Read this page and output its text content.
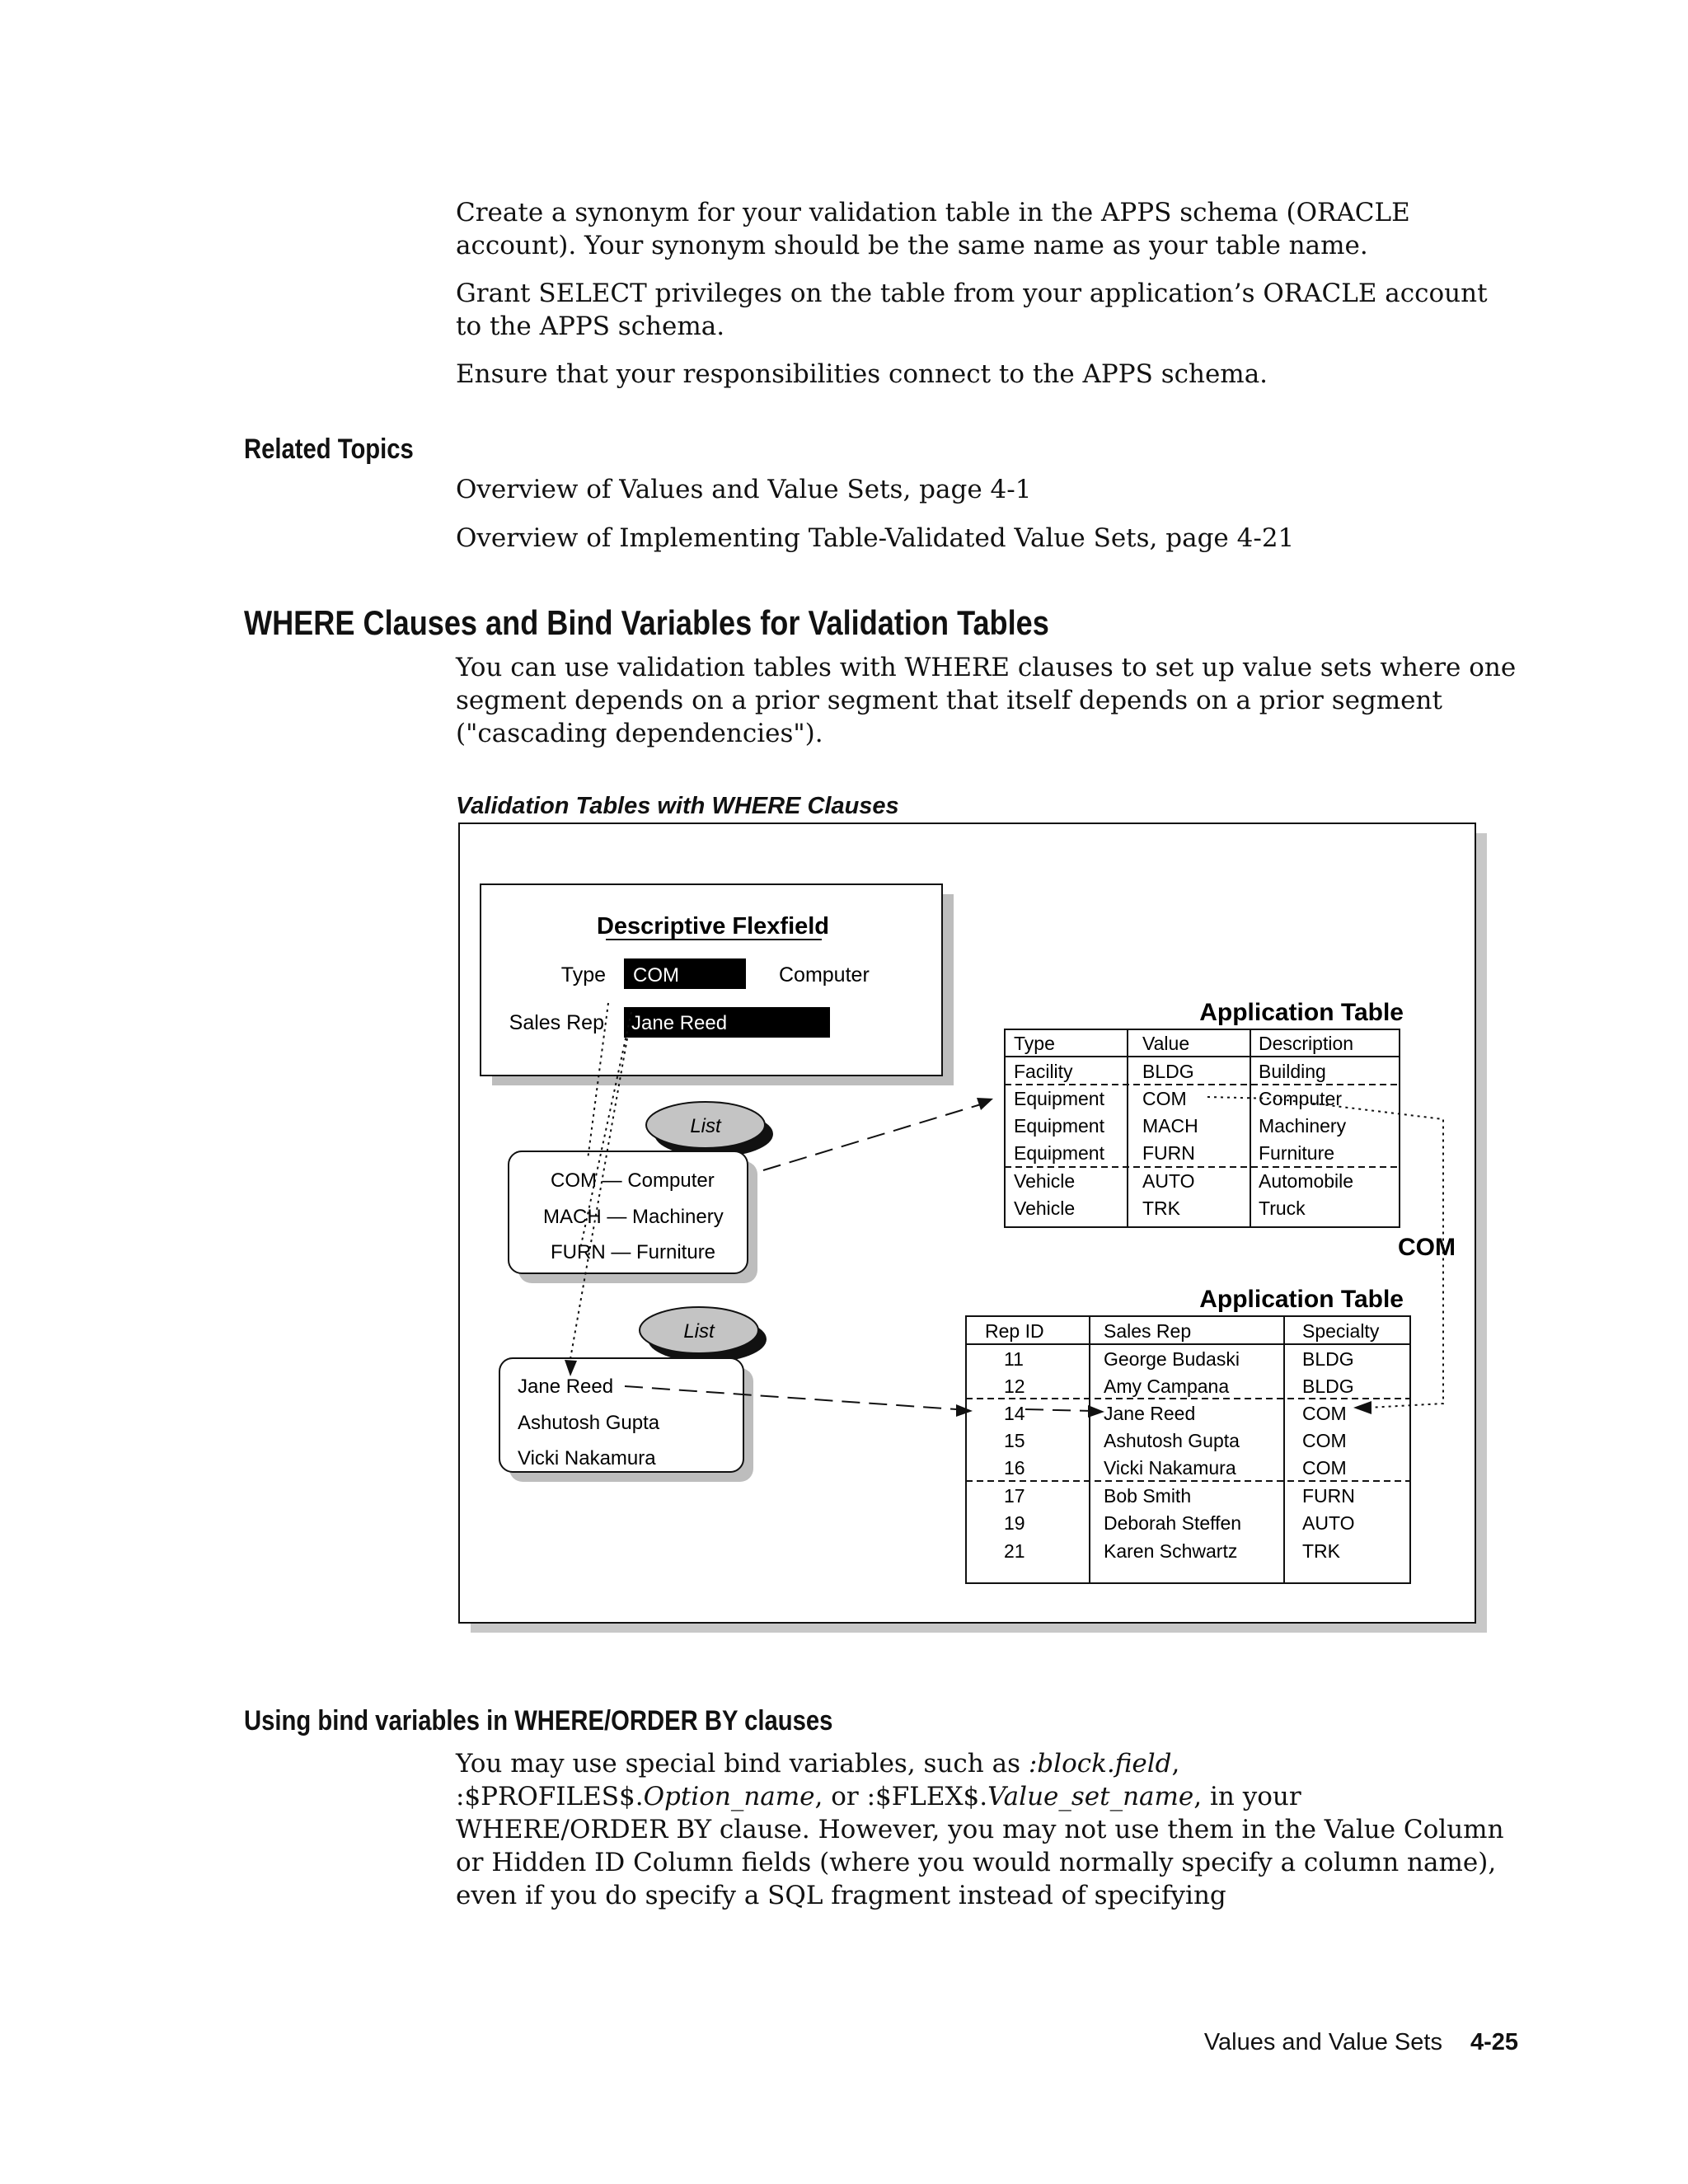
Create a synonym for your validation table in the APPS schema (ORACLE account). Your synonym should be the same name as your table name.

Grant SELECT privileges on the table from your application’s ORACLE account to the APPS schema.

Ensure that your responsibilities connect to the APPS schema.

Related Topics

Overview of Values and Value Sets, page 4-1

Overview of Implementing Table-Validated Value Sets, page 4-21

WHERE Clauses and Bind Variables for Validation Tables

You can use validation tables with WHERE clauses to set up value sets where one segment depends on a prior segment that itself depends on a prior segment ("cascading dependencies").

Validation Tables with WHERE Clauses

Descriptive Flexfield
Type COM	Computer
Sales Rep Jane Reed
List
COM — Computer
MACH — Machinery
FURN — Furniture
List
Jane Reed
Ashutosh Gupta
Vicki Nakamura
Application Table
Type	Value	Description
Facility	BLDG	Building
Equipment COM	Computer
Equipment MACH	Machinery
Equipment FURN	Furniture
Vehicle	AUTO	Automobile
Vehicle	TRK	Truck
COM
Application Table
Rep ID	Sales Rep	Specialty
11	George Budaski	BLDG
12	Amy Campana	BLDG
14	Jane Reed	COM
15	Ashutosh Gupta	COM
16	Vicki Nakamura	COM
17	Bob Smith	FURN
19	Deborah Steffen	AUTO
21	Karen Schwartz	TRK
Using bind variables in WHERE/ORDER BY clauses

You may use special bind variables, such as :block.field, :$PROFILES$.Option_name, or :$FLEX$.Value_set_name, in your WHERE/ORDER BY clause. However, you may not use them in the Value Column or Hidden ID Column fields (where you would normally specify a column name), even if you do specify a SQL fragment instead of specifying

Values and Value Sets 4-25
